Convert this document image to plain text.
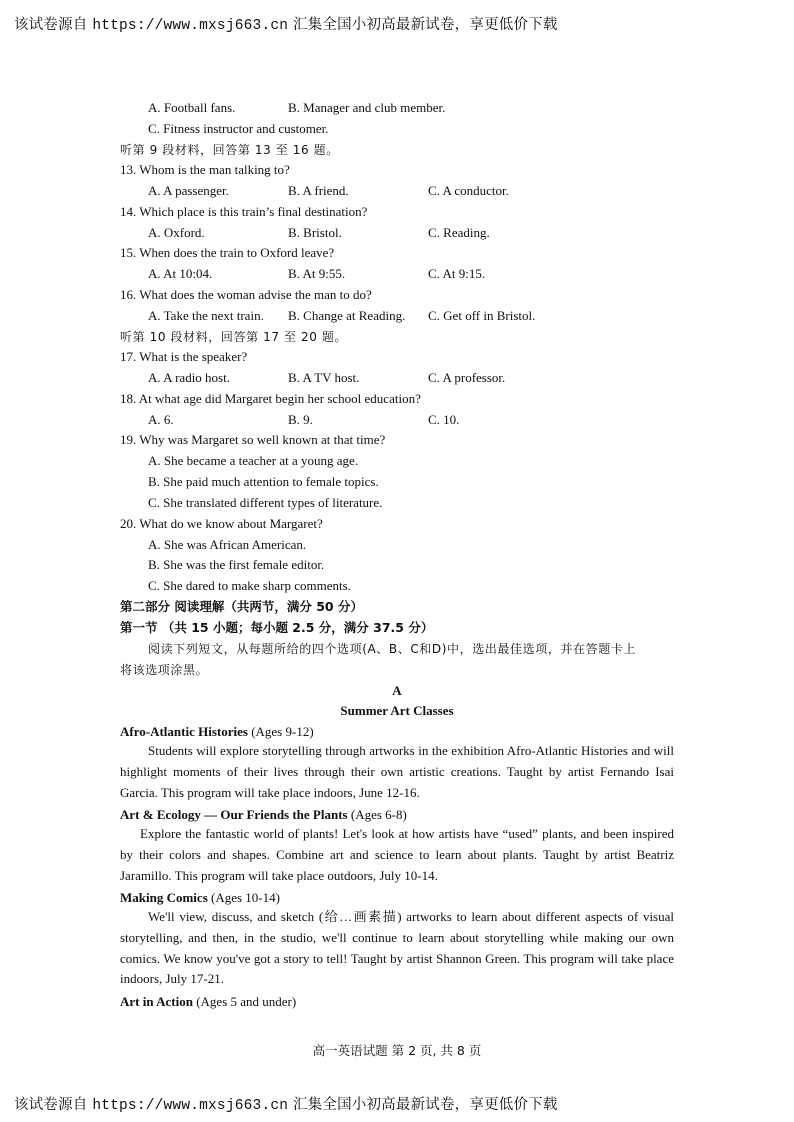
该试卷源自 https://www.mxsj663.cn 汇集全国小初高最新试卷，享更低价下载
A. Football fans.	B. Manager and club member.
C. Fitness instructor and customer.
听第 9 段材料，回答第 13 至 16 题。
13. Whom is the man talking to?
A. A passenger.	B. A friend.	C. A conductor.
14. Which place is this train’s final destination?
A. Oxford.	B. Bristol.	C. Reading.
15. When does the train to Oxford leave?
A. At 10:04.	B. At 9:55.	C. At 9:15.
16. What does the woman advise the man to do?
A. Take the next train. B. Change at Reading. C. Get off in Bristol.
听第 10 段材料，回答第 17 至 20 题。
17. What is the speaker?
A. A radio host.	B. A TV host.	C. A professor.
18. At what age did Margaret begin her school education?
A. 6.	B. 9.	C. 10.
19. Why was Margaret so well known at that time?
A. She became a teacher at a young age.
B. She paid much attention to female topics.
C. She translated different types of literature.
20. What do we know about Margaret?
A. She was African American.
B. She was the first female editor.
C. She dared to make sharp comments.
第二部分 阅读理解（共两节，满分 50 分）
第一节 （共 15 小题；每小题 2.5 分，满分 37.5 分）
阅读下列短文，从每题所给的四个选项(A、B、C和D)中，选出最佳选项，并在答题卡上
将该选项涂黑。
A
Summer Art Classes
Afro-Atlantic Histories (Ages 9-12)
Students will explore storytelling through artworks in the exhibition Afro-Atlantic Histories and will highlight moments of their lives through their own artistic creations. Taught by artist Fernando Isai Garcia. This program will take place indoors, June 12-16.
Art & Ecology — Our Friends the Plants (Ages 6-8)
Explore the fantastic world of plants! Let's look at how artists have “used” plants, and been inspired by their colors and shapes. Combine art and science to learn about plants. Taught by artist Beatriz Jaramillo. This program will take place outdoors, July 10-14.
Making Comics (Ages 10-14)
We'll view, discuss, and sketch (给…画素描) artworks to learn about different aspects of visual storytelling, and then, in the studio, we'll continue to learn about storytelling while making our own comics. We know you've got a story to tell! Taught by artist Shannon Green. This program will take place indoors, July 17-21.
Art in Action (Ages 5 and under)
高一英语试题 第 2 页, 共 8 页
该试卷源自 https://www.mxsj663.cn 汇集全国小初高最新试卷，享更低价下载
